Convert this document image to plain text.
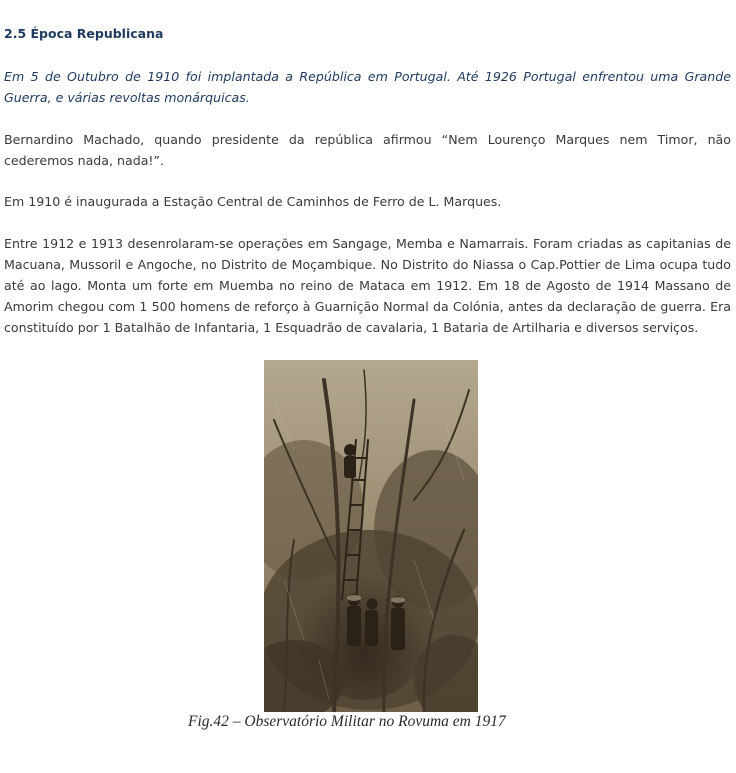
2.5 Época Republicana

Em 5 de Outubro de 1910 foi implantada a República em Portugal. Até 1926 Portugal enfrentou uma Grande Guerra, e várias revoltas monárquicas.

Bernardino Machado, quando presidente da república afirmou “Nem Lourenço Marques nem Timor, não cederemos nada, nada!”.

Em 1910 é inaugurada a Estação Central de Caminhos de Ferro de L. Marques.

Entre 1912 e 1913 desenrolaram-se operações em Sangage, Memba e Namarrais. Foram criadas as capitanias de Macuana, Mussoril e Angoche, no Distrito de Moçambique. No Distrito do Niassa o Cap.Pottier de Lima ocupa tudo até ao lago. Monta um forte em Muemba no reino de Mataca em 1912. Em 18 de Agosto de 1914 Massano de Amorim chegou com 1 500 homens de reforço à Guarnição Normal da Colónia, antes da declaração de guerra. Era constituído por 1 Batalhão de Infantaria, 1 Esquadrão de cavalaria, 1 Bataria de Artilharia e diversos serviços.

Fig.42 – Observatório Militar no Rovuma em 1917
